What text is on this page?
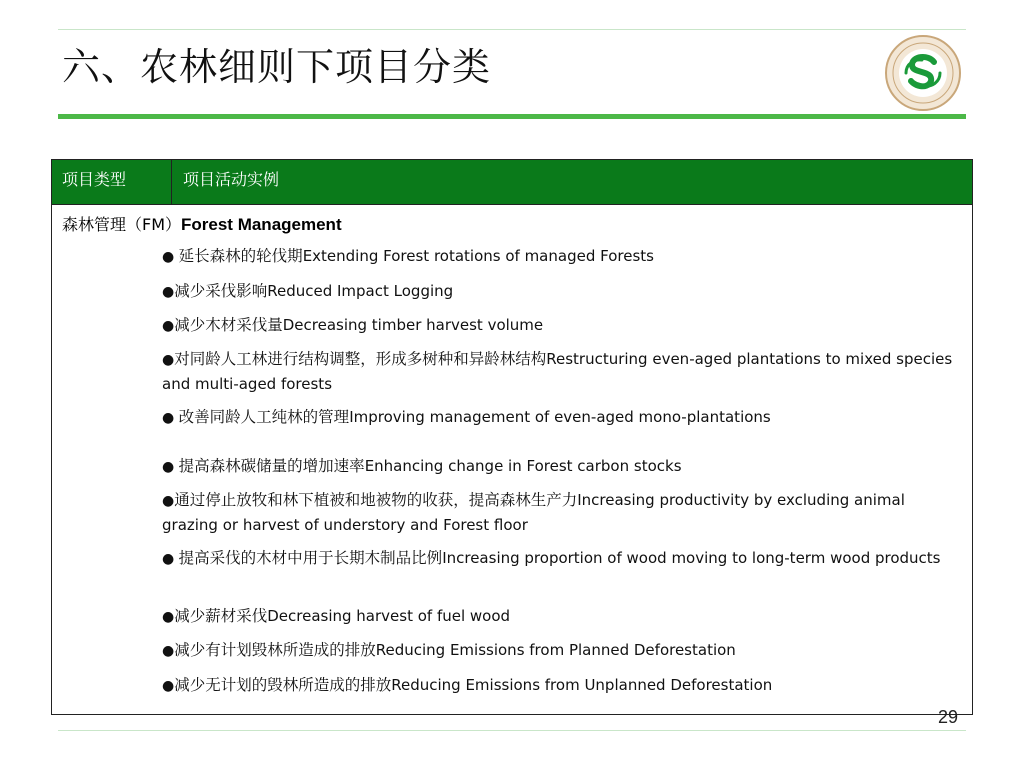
六、农林细则下项目分类
项目类型	项目活动实例
森林管理（FM）Forest Management
● 延长森林的轮伐期Extending Forest rotations of managed Forests
●减少采伐影响Reduced Impact Logging
●减少木材采伐量Decreasing timber harvest volume
●对同龄人工林进行结构调整，形成多树种和异龄林结构Restructuring even-aged plantations to mixed species and multi-aged forests
● 改善同龄人工纯林的管理Improving management of even-aged mono-plantations
● 提高森林碳储量的增加速率Enhancing change in Forest carbon stocks
●通过停止放牧和林下植被和地被物的收获，提高森林生产力Increasing productivity by excluding animal grazing or harvest of understory and Forest floor
● 提高采伐的木材中用于长期木制品比例Increasing proportion of wood moving to long-term wood products
●减少薪材采伐Decreasing harvest of fuel wood
●减少有计划毁林所造成的排放Reducing Emissions from Planned Deforestation
●减少无计划的毁林所造成的排放Reducing Emissions from Unplanned Deforestation
29
